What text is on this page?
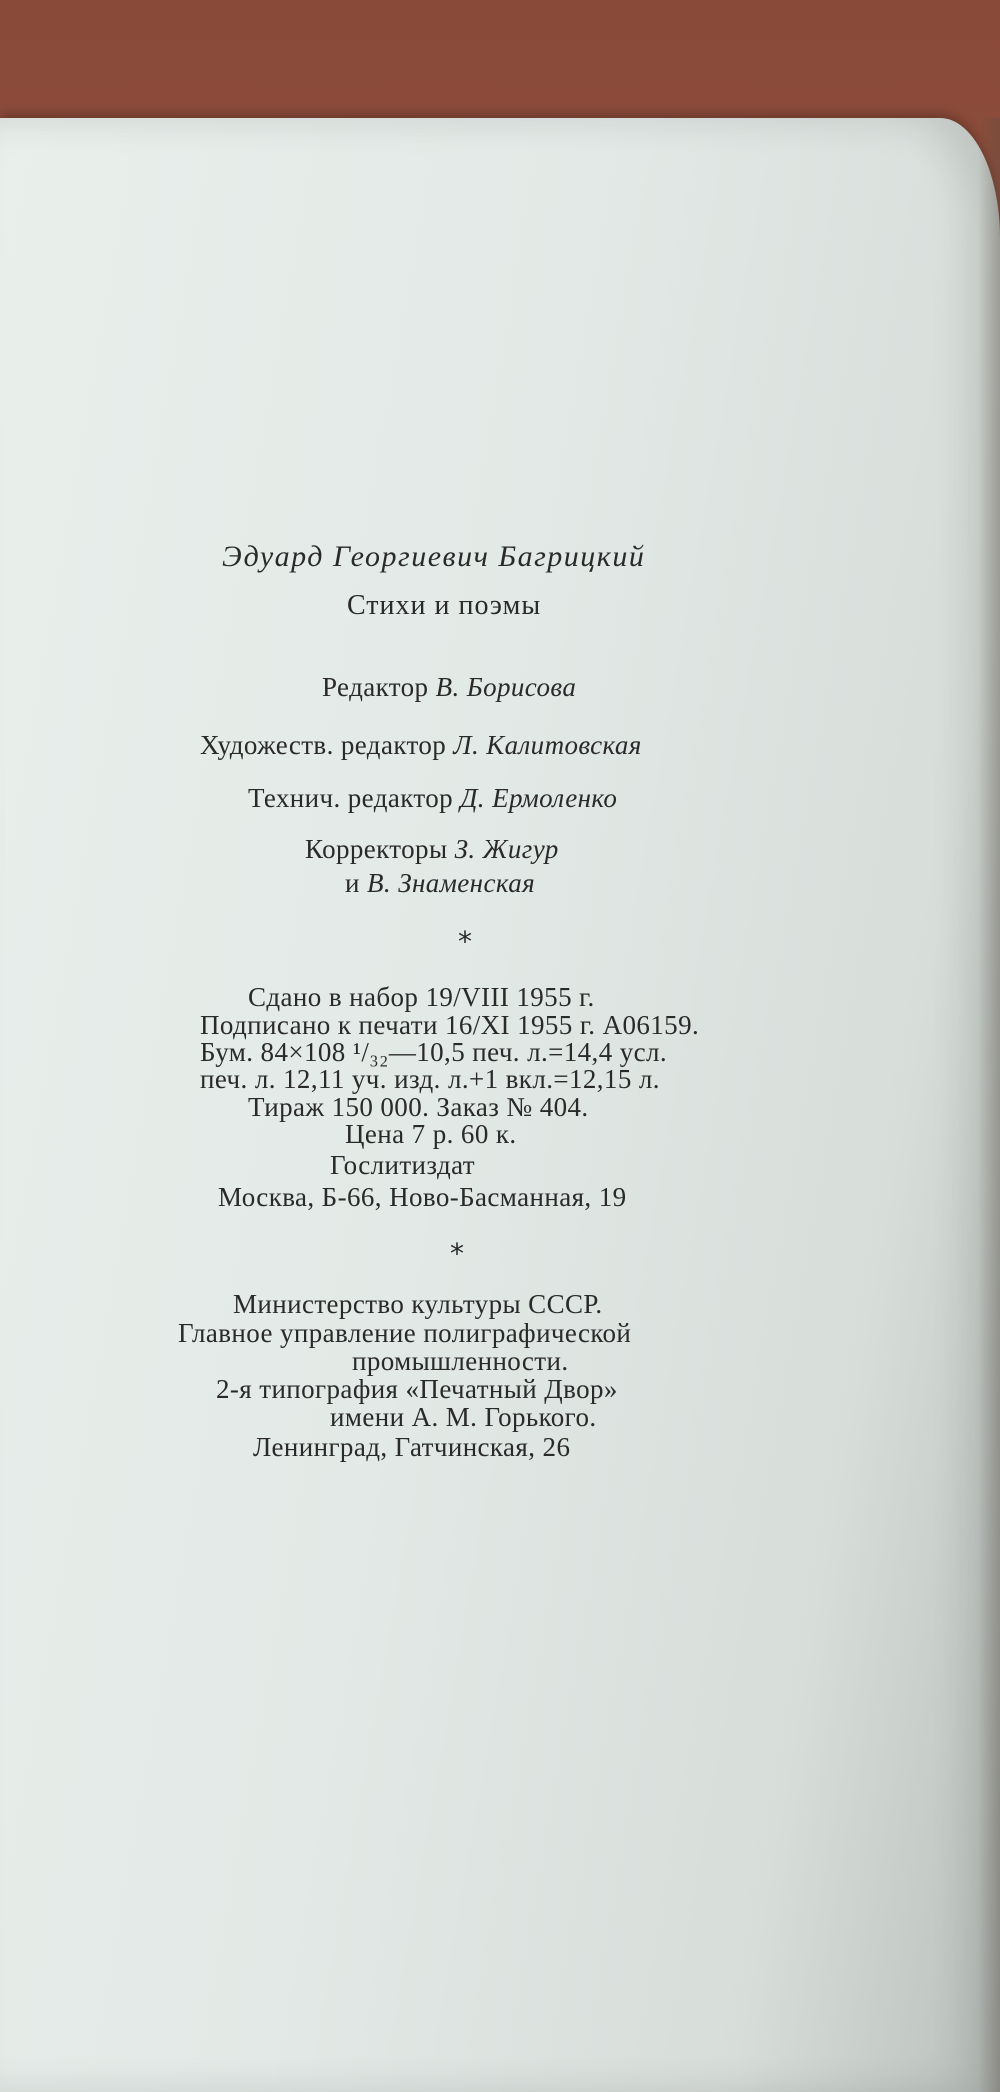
Эдуард Георгиевич Багрицкий
Стихи и поэмы
Редактор В. Борисова
Художеств. редактор Л. Калитовская
Технич. редактор Д. Ермоленко
Корректоры З. Жигур
и В. Знаменская
*
Сдано в набор 19/VIII 1955 г.
Подписано к печати 16/XI 1955 г. А06159.
Бум. 84×108 ¹/₃₂—10,5 печ. л.=14,4 усл.
печ. л. 12,11 уч. изд. л.+1 вкл.=12,15 л.
Тираж 150 000. Заказ № 404.
Цена 7 р. 60 к.
Гослитиздат
Москва, Б-66, Ново-Басманная, 19
*
Министерство культуры СССР.
Главное управление полиграфической
промышленности.
2-я типография «Печатный Двор»
имени А. М. Горького.
Ленинград, Гатчинская, 26
